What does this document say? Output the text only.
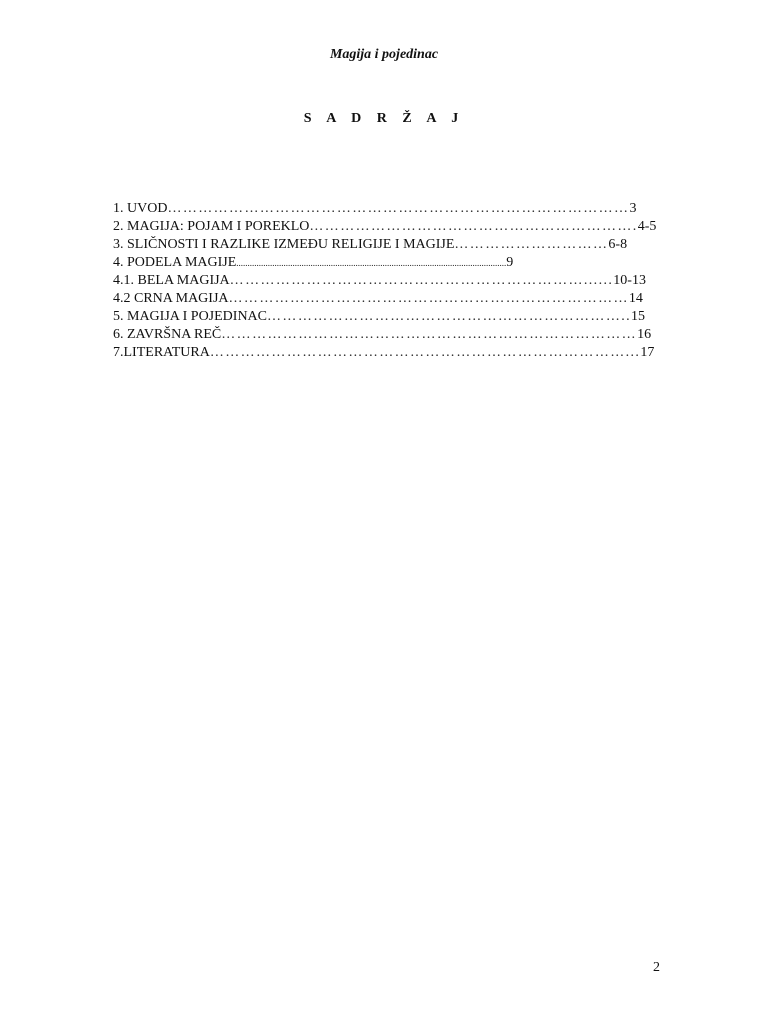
Magija i pojedinac
S A D R Ž A J
1. UVOD………………………………………………………………………………3
2. MAGIJA: POJAM I POREKLO……………………………………………………….4-5
3. SLIČNOSTI I RAZLIKE IZMEĐU RELIGIJE I MAGIJE…………………………6-8
4. PODELA MAGIJE........................................................................................................................9
4.1. BELA MAGIJA……………………………………………………………......10-13
4.2 CRNA MAGIJA……………………………………………………………………14
5. MAGIJA I POJEDINAC……………………………………………………………..15
6. ZAVRŠNA REČ………………………………………………………………………16
7.LITERATURA………………………………………………………………………...17
2
